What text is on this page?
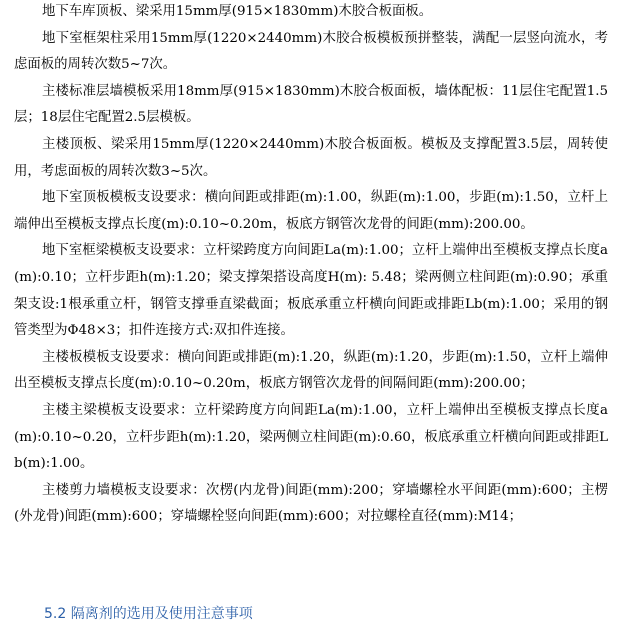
地下车库顶板、梁采用15mm厚(915×1830mm)木胶合板面板。

地下室框架柱采用15mm厚(1220×2440mm)木胶合板模板预拼整装，满配一层竖向流水，考虑面板的周转次数5~7次。

主楼标准层墙模板采用18mm厚(915×1830mm)木胶合板面板，墙体配板：11层住宅配置1.5层；18层住宅配置2.5层模板。

主楼顶板、梁采用15mm厚(1220×2440mm)木胶合板面板。模板及支撑配置3.5层，周转使用，考虑面板的周转次数3~5次。

地下室顶板模板支设要求：横向间距或排距(m):1.00，纵距(m):1.00，步距(m):1.50，立杆上端伸出至模板支撑点长度(m):0.10~0.20m，板底方钢管次龙骨的间距(mm):200.00。

地下室框梁模板支设要求：立杆梁跨度方向间距La(m):1.00；立杆上端伸出至模板支撑点长度a(m):0.10；立杆步距h(m):1.20；梁支撑架搭设高度H(m): 5.48；梁两侧立柱间距(m):0.90；承重架支设:1根承重立杆，钢管支撑垂直梁截面；板底承重立杆横向间距或排距Lb(m):1.00；采用的钢管类型为Φ48×3；扣件连接方式:双扣件连接。

主楼板模板支设要求：横向间距或排距(m):1.20，纵距(m):1.20，步距(m):1.50，立杆上端伸出至模板支撑点长度(m):0.10~0.20m，板底方钢管次龙骨的间隔间距(mm):200.00；

主楼主梁模板支设要求：立杆梁跨度方向间距La(m):1.00，立杆上端伸出至模板支撑点长度a(m):0.10~0.20，立杆步距h(m):1.20，梁两侧立柱间距(m):0.60，板底承重立杆横向间距或排距Lb(m):1.00。

主楼剪力墙模板支设要求：次楞(内龙骨)间距(mm):200；穿墙螺栓水平间距(mm):600；主楞(外龙骨)间距(mm):600；穿墙螺栓竖向间距(mm):600；对拉螺栓直径(mm):M14；

5.2 隔离剂的选用及使用注意事项
